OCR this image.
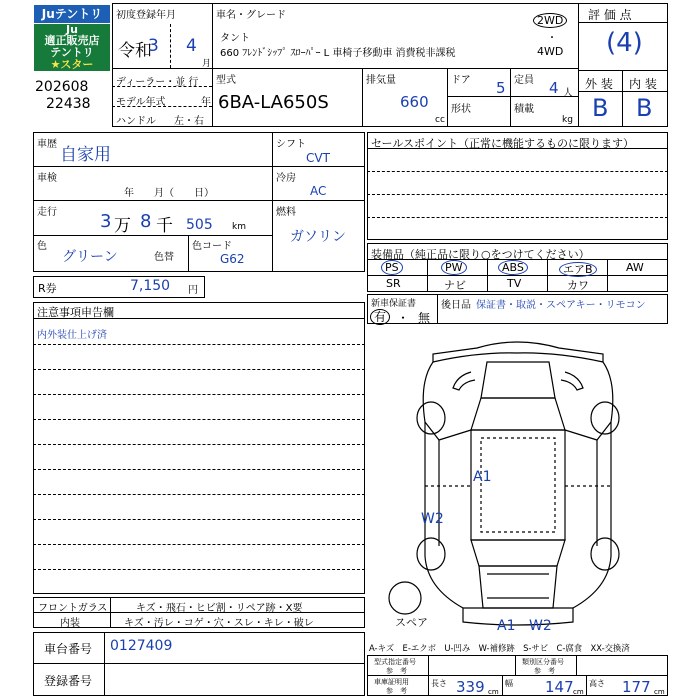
Juテントリ
Ju
適正販売店
テントリ
★スター
202608
22438
初度登録年月
令和
3 4
月
車名・グレード
タント
660 ﾌﾚﾝﾄﾞｼｯﾌﾟ ｽﾛｰﾊﾟｰ L 車椅子移動車 消費税非課税
2WD
・
4WD
評 価 点
(4)
ディーラー・並 行
モデル年式	年
ハンドル 左・右
型式
6BA-LA650S
排気量
660
cc
ドア 5 定員 4 人
形状	積載
kg
外 装 内 装
B B
車歴
自家用
シフト
CVT
車検
年　　月（　　日）
冷房
AC
走行 3 万 8 千 505 km
燃料
ガソリン
色
グリーン	色替
色コード
G62
R券	7,150 円
セールスポイント（正常に機能するものに限ります）
装備品（純正品に限り○をつけてください）
PS	PW	ABS	エアB	AW
SR	ナビ	TV	カワ
新車保証書
有 ・ 無
後日品 保証書・取説・スペアキー・リモコン
注意事項申告欄
内外装仕上げ済
スペア
A1
W2
A1 W2
フロントガラス	キズ・飛石・ヒビ割・リペア跡・X要
内装	キズ・汚レ・コゲ・穴・スレ・キレ・破レ
車台番号 0127409
登録番号
A-キズ　E-エクボ　U-凹み　W-補修跡　S-サビ　C-腐食　XX-交換済
型式指定番号
参　考
類別区分番号
参　考
車庫証明用
参　考
長さ 339 cm
幅 147 cm
高さ 177 cm
